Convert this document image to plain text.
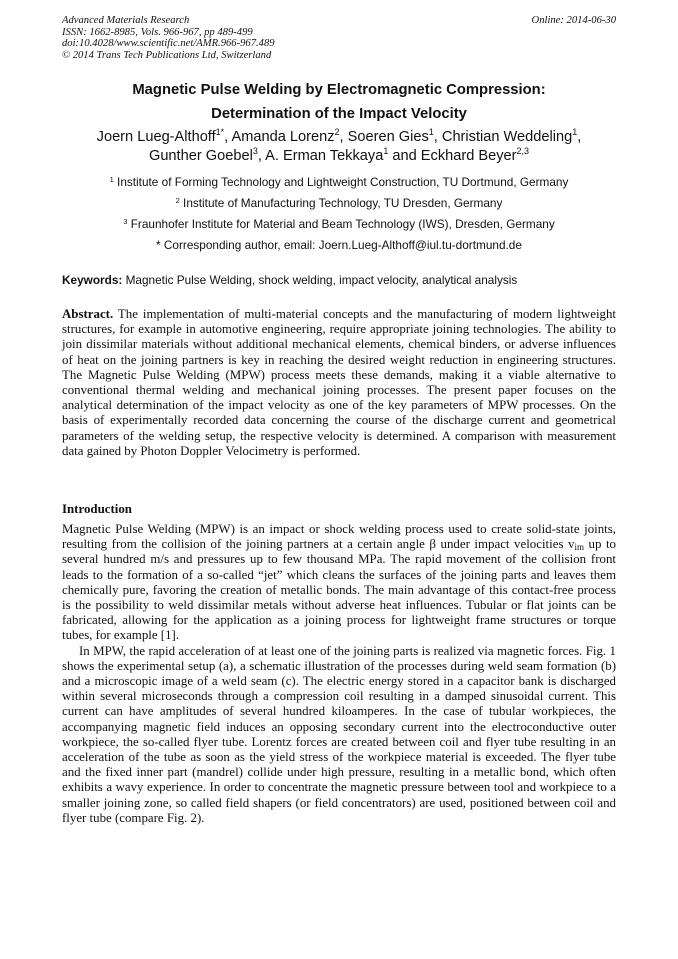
Advanced Materials Research
ISSN: 1662-8985, Vols. 966-967, pp 489-499
doi:10.4028/www.scientific.net/AMR.966-967.489
© 2014 Trans Tech Publications Ltd, Switzerland
Online: 2014-06-30
Magnetic Pulse Welding by Electromagnetic Compression:
Determination of the Impact Velocity
Joern Lueg-Althoff$^{1*}$, Amanda Lorenz$^2$, Soeren Gies$^1$, Christian Weddeling$^1$,
Gunther Goebel$^3$, A. Erman Tekkaya$^1$ and Eckhard Beyer$^{2,3}$
$^1$ Institute of Forming Technology and Lightweight Construction, TU Dortmund, Germany
$^2$ Institute of Manufacturing Technology, TU Dresden, Germany
$^3$ Fraunhofer Institute for Material and Beam Technology (IWS), Dresden, Germany
* Corresponding author, email: Joern.Lueg-Althoff@iul.tu-dortmund.de
Keywords: Magnetic Pulse Welding, shock welding, impact velocity, analytical analysis
Abstract. The implementation of multi-material concepts and the manufacturing of modern lightweight structures, for example in automotive engineering, require appropriate joining technologies. The ability to join dissimilar materials without additional mechanical elements, chemical binders, or adverse influences of heat on the joining partners is key in reaching the desired weight reduction in engineering structures. The Magnetic Pulse Welding (MPW) process meets these demands, making it a viable alternative to conventional thermal welding and mechanical joining processes. The present paper focuses on the analytical determination of the impact velocity as one of the key parameters of MPW processes. On the basis of experimentally recorded data concerning the course of the discharge current and geometrical parameters of the welding setup, the respective velocity is determined. A comparison with measurement data gained by Photon Doppler Velocimetry is performed.
Introduction

Magnetic Pulse Welding (MPW) is an impact or shock welding process used to create solid-state joints, resulting from the collision of the joining partners at a certain angle β under impact velocities $v_{im}$ up to several hundred m/s and pressures up to few thousand MPa. The rapid movement of the collision front leads to the formation of a so-called “jet” which cleans the surfaces of the joining parts and leaves them chemically pure, favoring the creation of metallic bonds. The main advantage of this contact-free process is the possibility to weld dissimilar metals without adverse heat influences. Tubular or flat joints can be fabricated, allowing for the application as a joining process for lightweight frame structures or torque tubes, for example [1].

In MPW, the rapid acceleration of at least one of the joining parts is realized via magnetic forces. Fig. 1 shows the experimental setup (a), a schematic illustration of the processes during weld seam formation (b) and a microscopic image of a weld seam (c). The electric energy stored in a capacitor bank is discharged within several microseconds through a compression coil resulting in a damped sinusoidal current. This current can have amplitudes of several hundred kiloamperes. In the case of tubular workpieces, the accompanying magnetic field induces an opposing secondary current into the electroconductive outer workpiece, the so-called flyer tube. Lorentz forces are created between coil and flyer tube resulting in an acceleration of the tube as soon as the yield stress of the workpiece material is exceeded. The flyer tube and the fixed inner part (mandrel) collide under high pressure, resulting in a metallic bond, which often exhibits a wavy experience. In order to concentrate the magnetic pressure between tool and workpiece to a smaller joining zone, so called field shapers (or field concentrators) are used, positioned between coil and flyer tube (compare Fig. 2).
